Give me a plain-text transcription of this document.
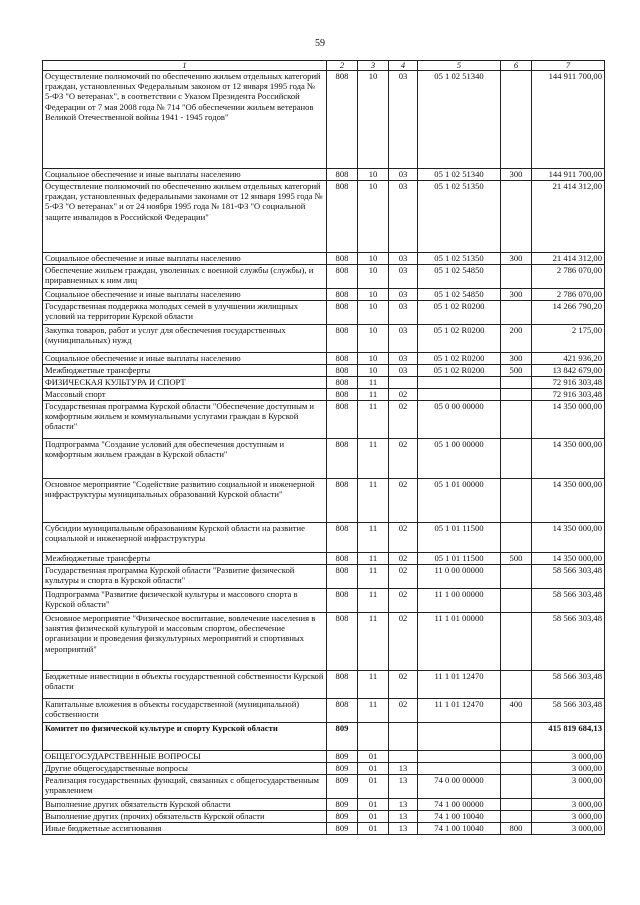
59
1	2	3	4	5	6	7
Осуществление полномочий по обеспечению жильем отдельных категорий граждан, установленных Федеральным законом от 12 января 1995 года № 5-ФЗ "О ветеранах", в соответствии с Указом Президента Российской Федерации от 7 мая 2008 года № 714 "Об обеспечении жильем ветеранов Великой Отечественной войны 1941 - 1945 годов"	808	10	03	05 1 02 51340		144 911 700,00
Социальное обеспечение и иные выплаты населению	808	10	03	05 1 02 51340	300	144 911 700,00
Осуществление полномочий по обеспечению жильем отдельных категорий граждан, установленных федеральными законами от 12 января 1995 года № 5-ФЗ "О ветеранах" и от 24 ноября 1995 года № 181-ФЗ "О социальной защите инвалидов в Российской Федерации"	808	10	03	05 1 02 51350		21 414 312,00
Социальное обеспечение и иные выплаты населению	808	10	03	05 1 02 51350	300	21 414 312,00
Обеспечение жильем граждан, уволенных с военной службы (службы), и приравненных к ним лиц	808	10	03	05 1 02 54850		2 786 070,00
Социальное обеспечение и иные выплаты населению	808	10	03	05 1 02 54850	300	2 786 070,00
Государственная поддержка молодых семей в улучшении жилищных условий на территории Курской области	808	10	03	05 1 02 R0200		14 266 790,20
Закупка товаров, работ и услуг для обеспечения государственных (муниципальных) нужд	808	10	03	05 1 02 R0200	200	2 175,00
Социальное обеспечение и иные выплаты населению	808	10	03	05 1 02 R0200	300	421 936,20
Межбюджетные трансферты	808	10	03	05 1 02 R0200	500	13 842 679,00
ФИЗИЧЕСКАЯ КУЛЬТУРА И СПОРТ	808	11				72 916 303,48
Массовый спорт	808	11	02			72 916 303,48
Государственная программа Курской области "Обеспечение доступным и комфортным жильем и коммунальными услугами граждан в Курской области"	808	11	02	05 0 00 00000		14 350 000,00
Подпрограмма "Создание условий для обеспечения доступным и комфортным жильем граждан в Курской области"	808	11	02	05 1 00 00000		14 350 000,00
Основное мероприятие "Содействие развитию социальной и инженерной инфраструктуры муниципальных образований Курской области"	808	11	02	05 1 01 00000		14 350 000,00
Субсидии муниципальным образованиям Курской области на развитие социальной и инженерной инфраструктуры	808	11	02	05 1 01 11500		14 350 000,00
Межбюджетные трансферты	808	11	02	05 1 01 11500	500	14 350 000,00
Государственная программа Курской области "Развитие физической культуры и спорта в Курской области"	808	11	02	11 0 00 00000		58 566 303,48
Подпрограмма "Развитие физической культуры и массового спорта в Курской области"	808	11	02	11 1 00 00000		58 566 303,48
Основное мероприятие "Физическое воспитание, вовлечение населения в занятия физической культурой и массовым спортом, обеспечение организации и проведения физкультурных мероприятий и спортивных мероприятий"	808	11	02	11 1 01 00000		58 566 303,48
Бюджетные инвестиции в объекты государственной собственности Курской области	808	11	02	11 1 01 12470		58 566 303,48
Капитальные вложения в объекты государственной (муниципальной) собственности	808	11	02	11 1 01 12470	400	58 566 303,48
Комитет по физической культуре и спорту Курской области	809					415 819 684,13
ОБЩЕГОСУДАРСТВЕННЫЕ ВОПРОСЫ	809	01				3 000,00
Другие общегосударственные вопросы	809	01	13			3 000,00
Реализация государственных функций, связанных с общегосударственным управлением	809	01	13	74 0 00 00000		3 000,00
Выполнение других обязательств Курской области	809	01	13	74 1 00 00000		3 000,00
Выполнение других (прочих) обязательств Курской области	809	01	13	74 1 00 10040		3 000,00
Иные бюджетные ассигнования	809	01	13	74 1 00 10040	800	3 000,00
